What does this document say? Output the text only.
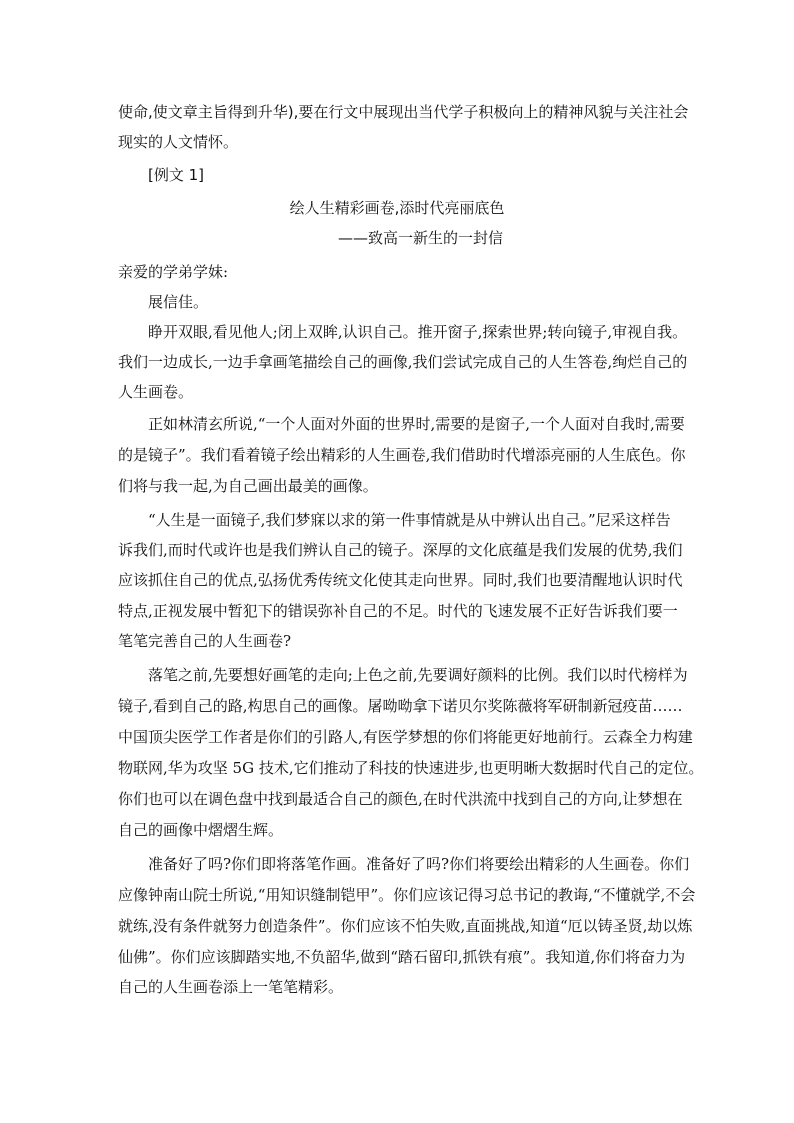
使命,使文章主旨得到升华),要在行文中展现出当代学子积极向上的精神风貌与关注社会
现实的人文情怀。
[例文 1]
绘人生精彩画卷,添时代亮丽底色
——致高一新生的一封信
亲爱的学弟学妹:
展信佳。
睁开双眼,看见他人;闭上双眸,认识自己。推开窗子,探索世界;转向镜子,审视自我。
我们一边成长,一边手拿画笔描绘自己的画像,我们尝试完成自己的人生答卷,绚烂自己的
人生画卷。
正如林清玄所说,“一个人面对外面的世界时,需要的是窗子,一个人面对自我时,需要
的是镜子”。我们看着镜子绘出精彩的人生画卷,我们借助时代增添亮丽的人生底色。你
们将与我一起,为自己画出最美的画像。
“人生是一面镜子,我们梦寐以求的第一件事情就是从中辨认出自己。”尼采这样告
诉我们,而时代或许也是我们辨认自己的镜子。深厚的文化底蕴是我们发展的优势,我们
应该抓住自己的优点,弘扬优秀传统文化使其走向世界。同时,我们也要清醒地认识时代
特点,正视发展中暂犯下的错误弥补自己的不足。时代的飞速发展不正好告诉我们要一
笔笔完善自己的人生画卷?
落笔之前,先要想好画笔的走向;上色之前,先要调好颜料的比例。我们以时代榜样为
镜子,看到自己的路,构思自己的画像。屠呦呦拿下诺贝尔奖陈薇将军研制新冠疫苗……
中国顶尖医学工作者是你们的引路人,有医学梦想的你们将能更好地前行。云森全力构建
物联网,华为攻坚 5G 技术,它们推动了科技的快速进步,也更明晰大数据时代自己的定位。
你们也可以在调色盘中找到最适合自己的颜色,在时代洪流中找到自己的方向,让梦想在
自己的画像中熠熠生辉。
准备好了吗?你们即将落笔作画。准备好了吗?你们将要绘出精彩的人生画卷。你们
应像钟南山院士所说,“用知识缝制铠甲”。你们应该记得习总书记的教诲,“不懂就学,不会
就练,没有条件就努力创造条件”。你们应该不怕失败,直面挑战,知道“厄以铸圣贤,劫以炼
仙佛”。你们应该脚踏实地,不负韶华,做到“踏石留印,抓铁有痕”。我知道,你们将奋力为
自己的人生画卷添上一笔笔精彩。
